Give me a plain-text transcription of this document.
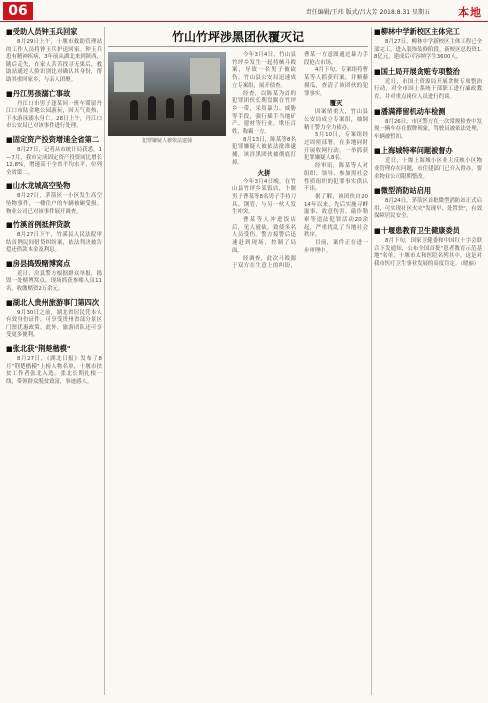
06	责任编辑/王玮 版式/吕大芳 2018.8.31 星期五	本地
■受助人员钟玉兵回家
8月29日上午，十堰市救助管理站的工作人员将钟玉兵护送回家。钟玉兵患有精神疾病，3年前从湖北来到陕西，随后走失，在家人苦苦找寻无果后，救助站通过人脸识别比对确认其身份，帮助其重回家乡，与亲人团聚。
■丹江男孩溺亡事故
丹江口市男子逢某同一班车滞留丹江口市陆金地公园游玩，因天气炎热，下水游泳溺水身亡。28日上午，丹江口市公安局已对该事件进行处理。
■固定资产投资增速全省第二
8月27日，记者从市统计局获悉，1—7月，我市完成固定资产投资同比增长12.8%，增速高于全省平均水平，位列全省第二。
■山水龙城高空坠物
8月27日，茅箭区一小区发生高空坠物事件，一楼住户的车辆被砸受损。物业公司已对该事件展开调查。
■竹溪首例抵押贷款
8月27日下午，竹溪县人民法院审结首例民间借贷纠纷案，依法判决被告偿还借款本金及利息。
■房县捣毁赌博窝点
近日，房县警方根据群众举报，捣毁一处赌博窝点，现场抓获参赌人员11名，收缴赌资2万余元。
■湖北人贵州旅游事门第四次
9月30日之前，湖北省居民凭本人有效身份证件，可享受贵州省部分景区门票优惠政策。此外，旅游团队还可享受更多便利。
■张北获"荆楚楷模"
8月27日，《湖北日报》发布了8月"荆楚楷模"上榜人物名单，十堰市扶贫工作者张北入选。张北长期扎根一线，带领群众脱贫致富，事迹感人。
竹山竹坪涉黑团伙覆灭记
犯罪嫌疑人被依法逮捕

今年3月4日，竹山县竹坪乡发生一起持械斗殴案，导致一名男子被砍伤。竹山县公安局迅速成立专案组，展开侦查。

经查，以陈某为首的犯罪团伙长期盘踞在竹坪乡一带，采用暴力、威胁等手段，强行插手当地矿产、建材等行业，欺压百姓，称霸一方。

8月13日，陈某等8名犯罪嫌疑人被依法批准逮捕，该涉黑团伙被彻底打掉。

火拼

今年3月4日晚，在竹山县竹坪乡某饭店，十堰男子曹某等8名男子手持刀具、钢管，与另一伙人发生冲突。

曹某等人冲进饭店后，见人就砍，致使多名人员受伤。警方接警后迅速赶到现场，控制了局面。

经调查，此次斗殴源于双方在生意上的纠纷，曹某一方意图通过暴力手段抢占市场。

4月下旬，专案组将曹某等人抓获归案，并顺藤摸瓜，查清了该团伙的犯罪事实。

覆灭

因案情重大，竹山县公安局成立专案组，抽调精干警力全力侦办。

5月10日，专案组经过周密部署，在多地同时开展收网行动，一举抓获犯罪嫌疑人8名。

经审讯，陈某等人对组织、领导、参加黑社会性质组织的犯罪事实供认不讳。

据了解，该团伙自2014年以来，先后实施寻衅滋事、故意伤害、敲诈勒索等违法犯罪活动20余起，严重扰乱了当地社会秩序。

目前，案件正在进一步审理中。

■柳林中学新校区主体完工
8月27日，柳林中学新校区主体工程已全部完工，进入装饰装修阶段。新校区总投资1.8亿元，建成后可容纳学生3600人。
■国土局开展贪赃专项整治
近日，市国土资源局开展贪赃专项整治行动，对全市国土系统干部职工进行廉政教育，并对重点岗位人员进行约谈。
■潘满滞留机动车检测
8月26日，市区警方在一次常规检查中发现一辆车存在假牌现象，驾驶员被依法处理，车辆被暂扣。
■上海城特率问题被督办
近日，十堰上海城小区业主反映小区物业管理存在问题，市住建部门已介入督办，要求物业公司限期整改。
■微型消防站启用
8月24日，茅箭区首批微型消防站正式启用，可实现社区火灾"发现早、处置快"，有效保障居民安全。
■十堰患教育卫生健康委员
8月下旬，国家卫健委和中国红十字会联合下发通知，公布全国首批"患者教育示范基地"名单，十堰市太和医院名列其中。这是对我市医疗卫生事业发展的高度肯定。（晓丽）
